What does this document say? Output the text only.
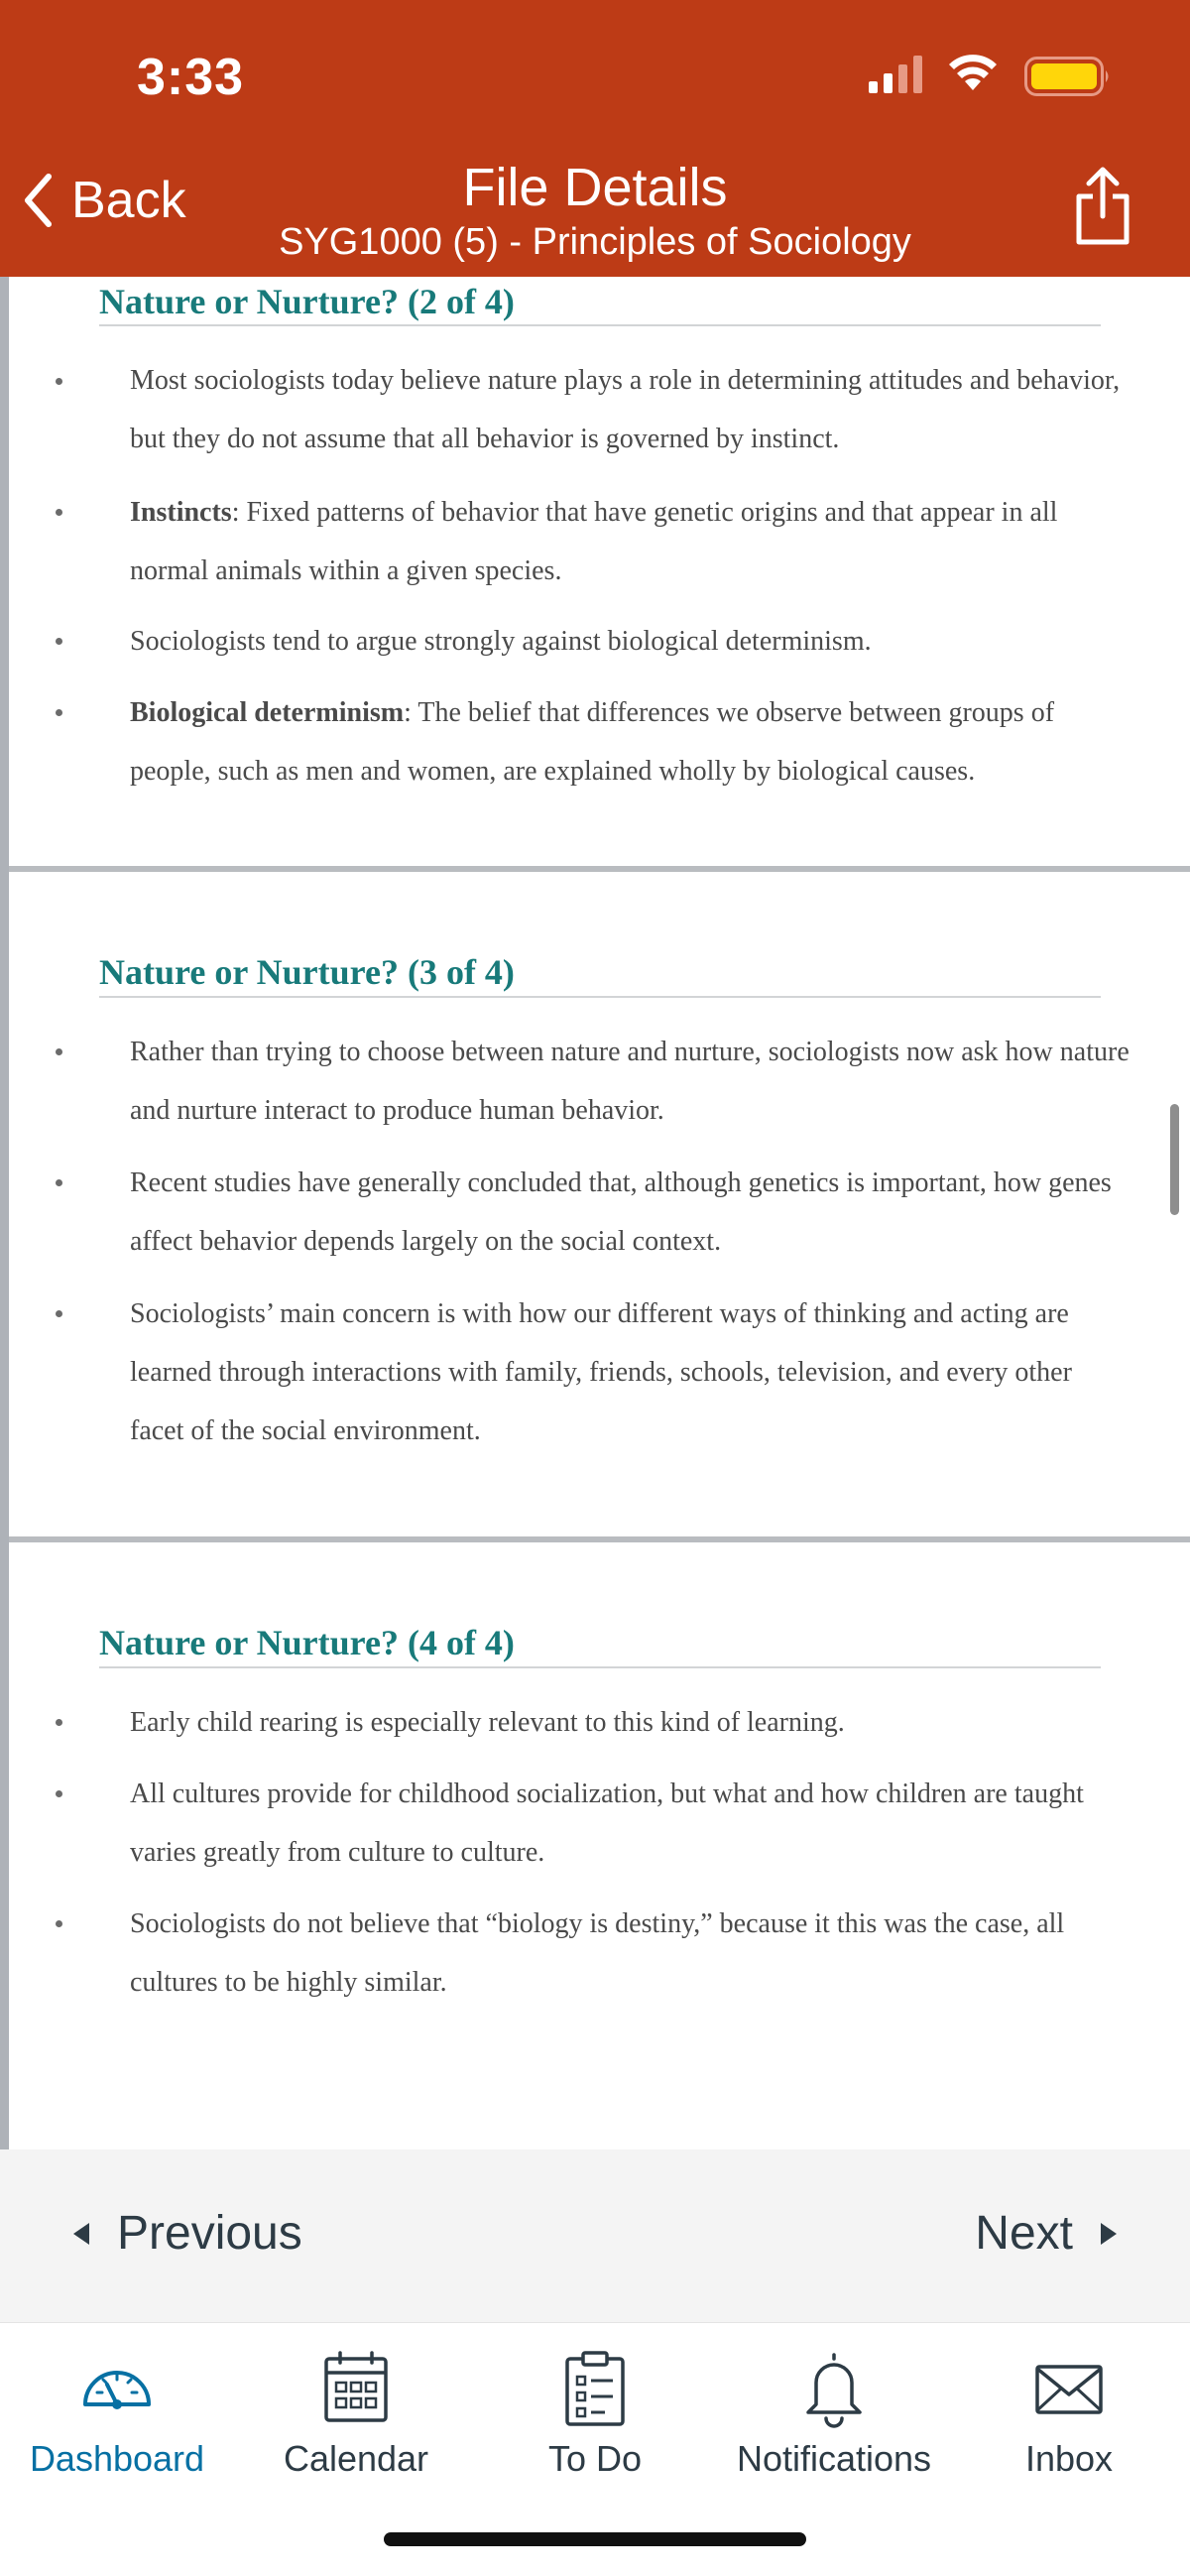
3:33
Back	File Details
SYG1000 (5) - Principles of Sociology
Nature or Nurture? (2 of 4)
Most sociologists today believe nature plays a role in determining attitudes and behavior, but they do not assume that all behavior is governed by instinct.
Instincts: Fixed patterns of behavior that have genetic origins and that appear in all normal animals within a given species.
Sociologists tend to argue strongly against biological determinism.
Biological determinism: The belief that differences we observe between groups of people, such as men and women, are explained wholly by biological causes.
Nature or Nurture? (3 of 4)
Rather than trying to choose between nature and nurture, sociologists now ask how nature and nurture interact to produce human behavior.
Recent studies have generally concluded that, although genetics is important, how genes affect behavior depends largely on the social context.
Sociologists’ main concern is with how our different ways of thinking and acting are learned through interactions with family, friends, schools, television, and every other facet of the social environment.
Nature or Nurture? (4 of 4)
Early child rearing is especially relevant to this kind of learning.
All cultures provide for childhood socialization, but what and how children are taught varies greatly from culture to culture.
Sociologists do not believe that “biology is destiny,” because it this was the case, all cultures to be highly similar.
Previous	Next
Dashboard	Calendar	To Do	Notifications	Inbox
